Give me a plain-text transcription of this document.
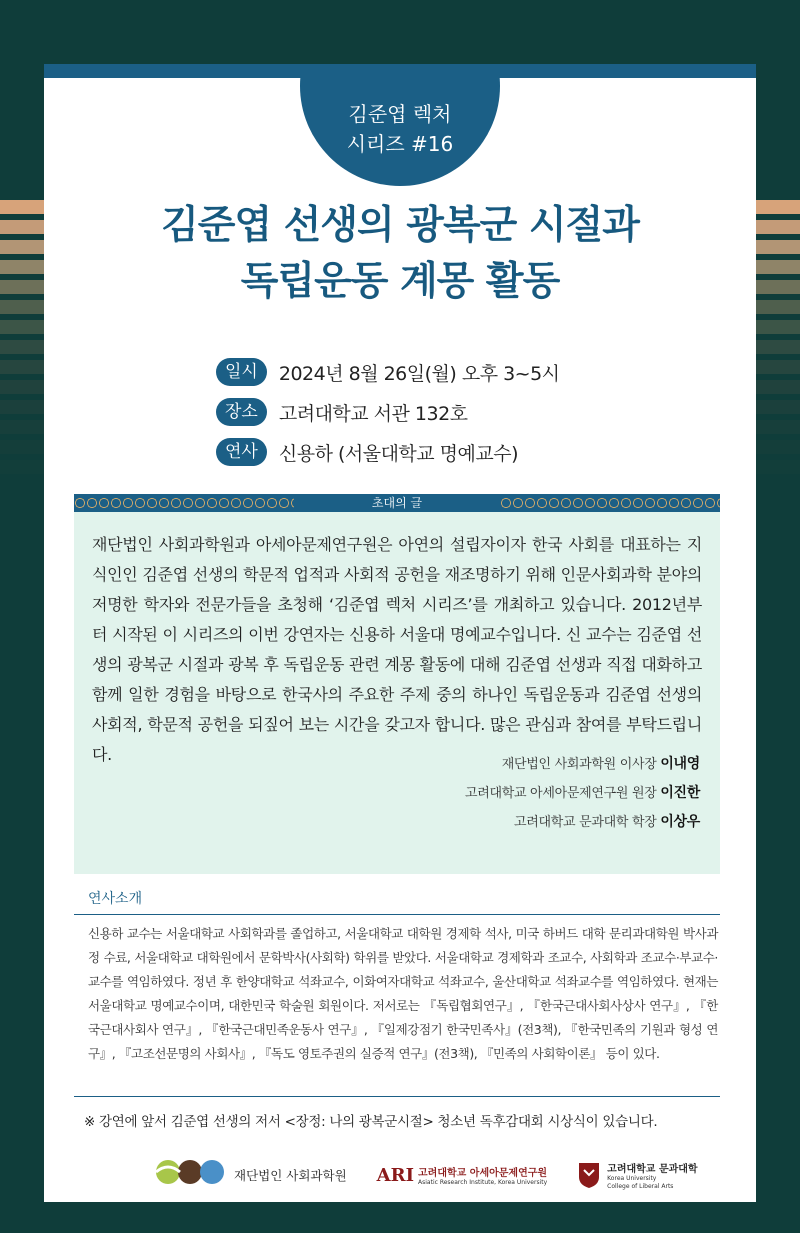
김준엽 렉처
시리즈 #16
김준엽 선생의 광복군 시절과
독립운동 계몽 활동
일시	2024년 8월 26일(월) 오후 3~5시
장소	고려대학교 서관 132호
연사	신용하 (서울대학교 명예교수)
초대의 글

재단법인 사회과학원과 아세아문제연구원은 아연의 설립자이자 한국 사회를 대표하는 지식인인 김준엽 선생의 학문적 업적과 사회적 공헌을 재조명하기 위해 인문사회과학 분야의 저명한 학자와 전문가들을 초청해 ‘김준엽 렉처 시리즈’를 개최하고 있습니다. 2012년부터 시작된 이 시리즈의 이번 강연자는 신용하 서울대 명예교수입니다. 신 교수는 김준엽 선생의 광복군 시절과 광복 후 독립운동 관련 계몽 활동에 대해 김준엽 선생과 직접 대화하고 함께 일한 경험을 바탕으로 한국사의 주요한 주제 중의 하나인 독립운동과 김준엽 선생의 사회적, 학문적 공헌을 되짚어 보는 시간을 갖고자 합니다. 많은 관심과 참여를 부탁드립니다.

재단법인 사회과학원 이사장 이내영
고려대학교 아세아문제연구원 원장 이진한
고려대학교 문과대학 학장 이상우
연사소개
신용하 교수는 서울대학교 사회학과를 졸업하고, 서울대학교 대학원 경제학 석사, 미국 하버드 대학 문리과대학원 박사과정 수료, 서울대학교 대학원에서 문학박사(사회학) 학위를 받았다. 서울대학교 경제학과 조교수, 사회학과 조교수·부교수·교수를 역임하였다. 정년 후 한양대학교 석좌교수, 이화여자대학교 석좌교수, 울산대학교 석좌교수를 역임하였다. 현재는 서울대학교 명예교수이며, 대한민국 학술원 회원이다. 저서로는 『독립협회연구』, 『한국근대사회사상사 연구』, 『한국근대사회사 연구』, 『한국근대민족운동사 연구』, 『일제강점기 한국민족사』(전3책), 『한국민족의 기원과 형성 연구』, 『고조선문명의 사회사』, 『독도 영토주권의 실증적 연구』(전3책), 『민족의 사회학이론』 등이 있다.
※ 강연에 앞서 김준엽 선생의 저서 <장정: 나의 광복군시절> 청소년 독후감대회 시상식이 있습니다.
재단법인 사회과학원 ARI 고려대학교 아세아문제연구원
Asiatic Research Institute, Korea University
고려대학교 문과대학
Korea University
College of Liberal Arts
